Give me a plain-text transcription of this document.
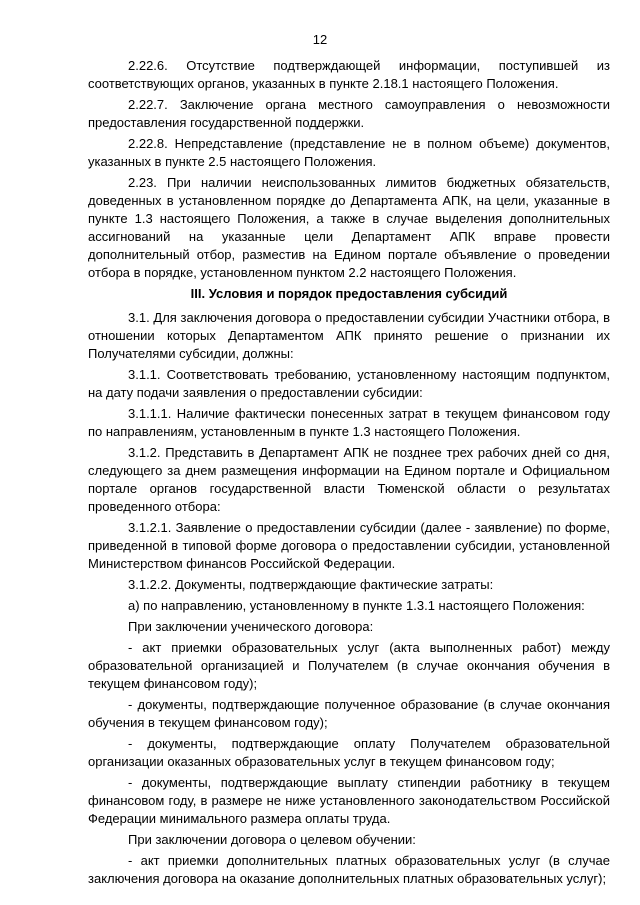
12

2.22.6. Отсутствие подтверждающей информации, поступившей из соответствующих органов, указанных в пункте 2.18.1 настоящего Положения.

2.22.7. Заключение органа местного самоуправления о невозможности предоставления государственной поддержки.

2.22.8. Непредставление (представление не в полном объеме) документов, указанных в пункте 2.5 настоящего Положения.

2.23. При наличии неиспользованных лимитов бюджетных обязательств, доведенных в установленном порядке до Департамента АПК, на цели, указанные в пункте 1.3 настоящего Положения, а также в случае выделения дополнительных ассигнований на указанные цели Департамент АПК вправе провести дополнительный отбор, разместив на Едином портале объявление о проведении отбора в порядке, установленном пунктом 2.2 настоящего Положения.

III. Условия и порядок предоставления субсидий

3.1. Для заключения договора о предоставлении субсидии Участники отбора, в отношении которых Департаментом АПК принято решение о признании их Получателями субсидии, должны:

3.1.1. Соответствовать требованию, установленному настоящим подпунктом, на дату подачи заявления о предоставлении субсидии:

3.1.1.1. Наличие фактически понесенных затрат в текущем финансовом году по направлениям, установленным в пункте 1.3 настоящего Положения.

3.1.2. Представить в Департамент АПК не позднее трех рабочих дней со дня, следующего за днем размещения информации на Едином портале и Официальном портале органов государственной власти Тюменской области о результатах проведенного отбора:

3.1.2.1. Заявление о предоставлении субсидии (далее - заявление) по форме, приведенной в типовой форме договора о предоставлении субсидии, установленной Министерством финансов Российской Федерации.

3.1.2.2. Документы, подтверждающие фактические затраты:

а) по направлению, установленному в пункте 1.3.1 настоящего Положения:

При заключении ученического договора:

- акт приемки образовательных услуг (акта выполненных работ) между образовательной организацией и Получателем (в случае окончания обучения в текущем финансовом году);

- документы, подтверждающие полученное образование (в случае окончания обучения в текущем финансовом году);

- документы, подтверждающие оплату Получателем образовательной организации оказанных образовательных услуг в текущем финансовом году;

- документы, подтверждающие выплату стипендии работнику в текущем финансовом году, в размере не ниже установленного законодательством Российской Федерации минимального размера оплаты труда.

При заключении договора о целевом обучении:

- акт приемки дополнительных платных образовательных услуг (в случае заключения договора на оказание дополнительных платных образовательных услуг);
